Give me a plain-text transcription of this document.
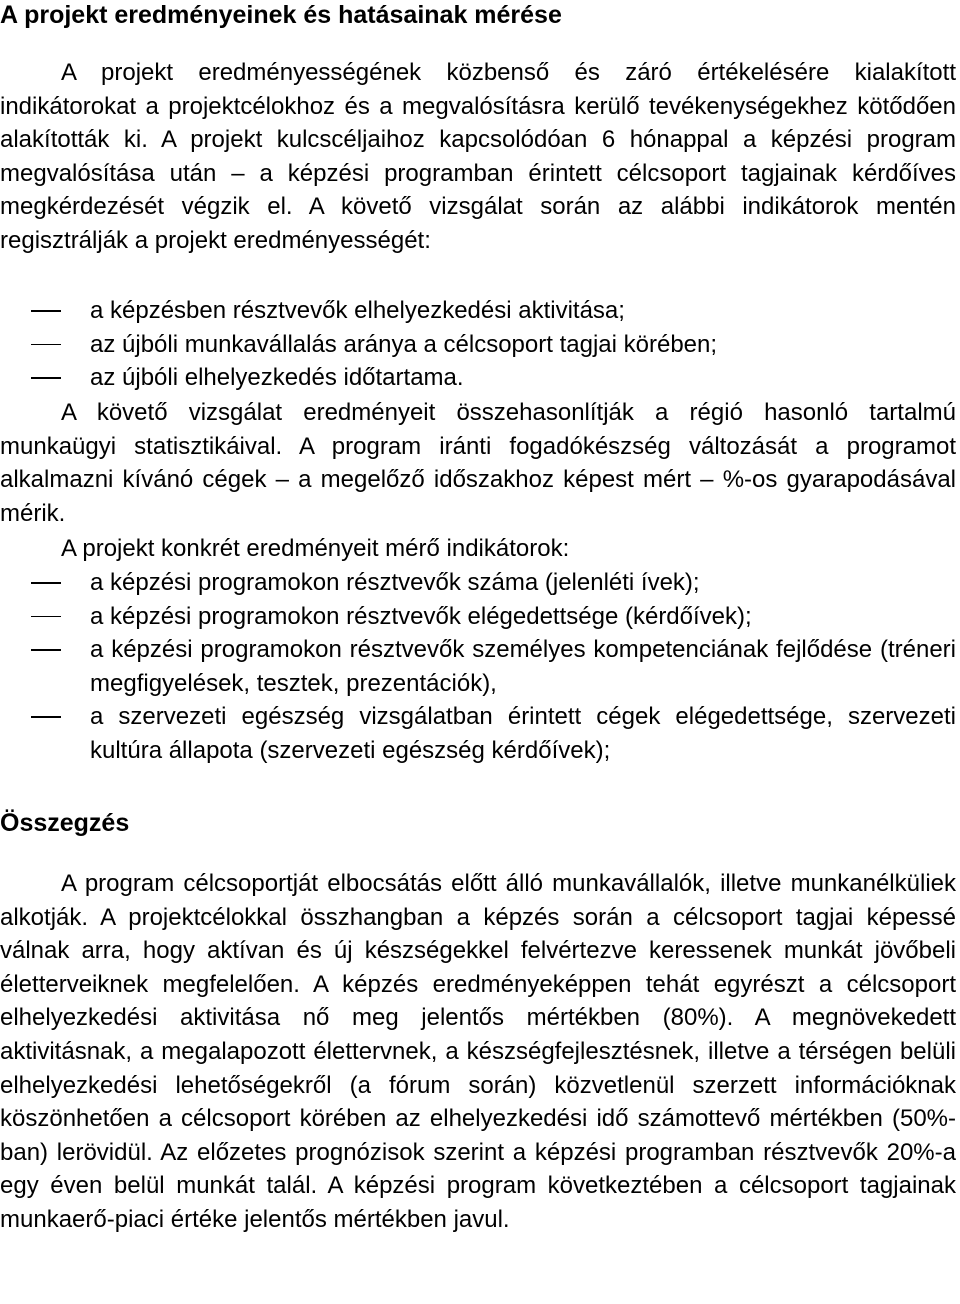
A projekt eredményeinek és hatásainak mérése

A projekt eredményességének közbenső és záró értékelésére kialakított indikátorokat a projektcélokhoz és a megvalósításra kerülő tevékenységekhez kötődően alakították ki. A projekt kulcscéljaihoz kapcsolódóan 6 hónappal a képzési program megvalósítása után – a képzési programban érintett célcsoport tagjainak kérdőíves megkérdezését végzik el. A követő vizsgálat során az alábbi indikátorok mentén regisztrálják a projekt eredményességét:

a képzésben résztvevők elhelyezkedési aktivitása;
az újbóli munkavállalás aránya a célcsoport tagjai körében;
az újbóli elhelyezkedés időtartama.

A követő vizsgálat eredményeit összehasonlítják a régió hasonló tartalmú munkaügyi statisztikáival. A program iránti fogadókészség változását a programot alkalmazni kívánó cégek – a megelőző időszakhoz képest mért – %-os gyarapodásával mérik.

A projekt konkrét eredményeit mérő indikátorok:

a képzési programokon résztvevők száma (jelenléti ívek);
a képzési programokon résztvevők elégedettsége (kérdőívek);
a képzési programokon résztvevők személyes kompetenciának fejlődése (tréneri megfigyelések, tesztek, prezentációk),
a szervezeti egészség vizsgálatban érintett cégek elégedettsége, szervezeti kultúra állapota (szervezeti egészség kérdőívek);
Összegzés

A program célcsoportját elbocsátás előtt álló munkavállalók, illetve munkanélküliek alkotják. A projektcélokkal összhangban a képzés során a célcsoport tagjai képessé válnak arra, hogy aktívan és új készségekkel felvértezve keressenek munkát jövőbeli életterveiknek megfelelően. A képzés eredményeképpen tehát egyrészt a célcsoport elhelyezkedési aktivitása nő meg jelentős mértékben (80%). A megnövekedett aktivitásnak, a megalapozott élettervnek, a készségfejlesztésnek, illetve a térségen belüli elhelyezkedési lehetőségekről (a fórum során) közvetlenül szerzett információknak köszönhetően a célcsoport körében az elhelyezkedési idő számottevő mértékben (50%-ban) lerövidül. Az előzetes prognózisok szerint a képzési programban résztvevők 20%-a egy éven belül munkát talál. A képzési program következtében a célcsoport tagjainak munkaerő-piaci értéke jelentős mértékben javul.
